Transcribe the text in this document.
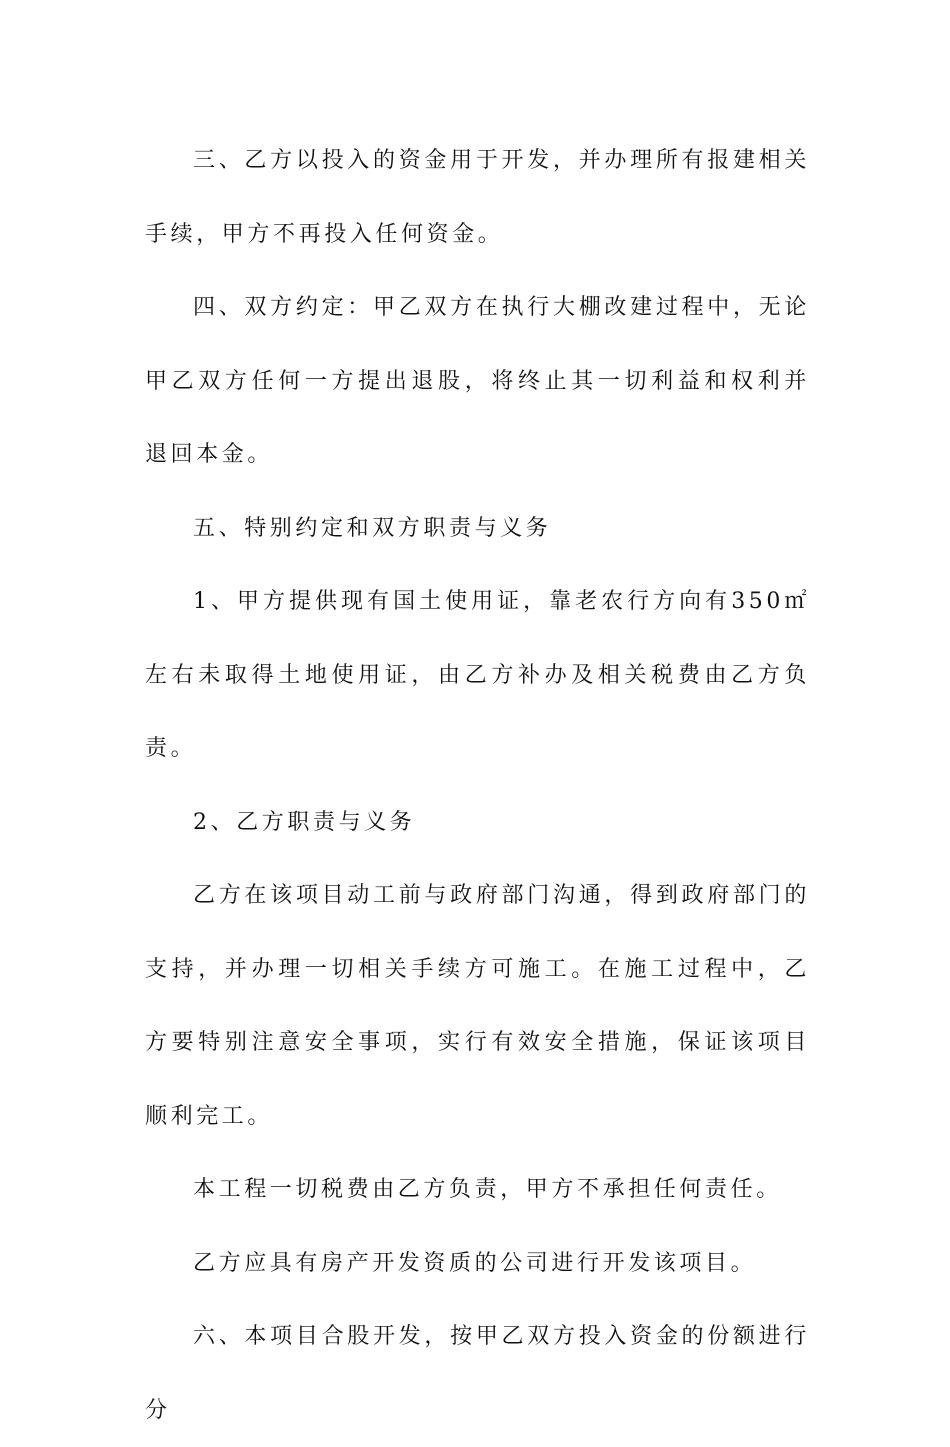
三、乙方以投入的资金用于开发，并办理所有报建相关手续，甲方不再投入任何资金。

四、双方约定：甲乙双方在执行大棚改建过程中，无论甲乙双方任何一方提出退股，将终止其一切利益和权利并退回本金。

五、特别约定和双方职责与义务

1、甲方提供现有国土使用证，靠老农行方向有350㎡左右未取得土地使用证，由乙方补办及相关税费由乙方负责。

2、乙方职责与义务

乙方在该项目动工前与政府部门沟通，得到政府部门的支持，并办理一切相关手续方可施工。在施工过程中，乙方要特别注意安全事项，实行有效安全措施，保证该项目顺利完工。

本工程一切税费由乙方负责，甲方不承担任何责任。

乙方应具有房产开发资质的公司进行开发该项目。

六、本项目合股开发，按甲乙双方投入资金的份额进行分
